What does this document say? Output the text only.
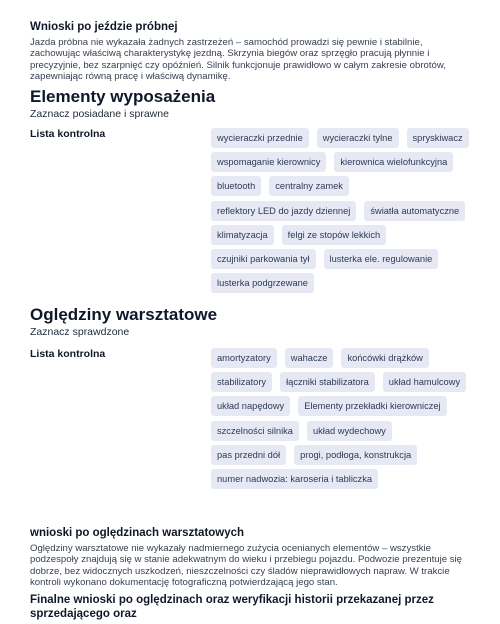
Wnioski po jeździe próbnej

Jazda próbna nie wykazała żadnych zastrzeżeń – samochód prowadzi się pewnie i stabilnie, zachowując właściwą charakterystykę jezdną. Skrzynia biegów oraz sprzęgło pracują płynnie i precyzyjnie, bez szarpnięć czy opóźnień. Silnik funkcjonuje prawidłowo w całym zakresie obrotów, zapewniając równą pracę i właściwą dynamikę.

Elementy wyposażenia
Zaznacz posiadane i sprawne
Lista kontrolna	wycieraczki przednie	wycieraczki tylne	spryskiwacz
wspomaganie kierownicy	kierownica wielofunkcyjna
bluetooth	centralny zamek
reflektory LED do jazdy dziennej	światła automatyczne
klimatyzacja	felgi ze stopów lekkich
czujniki parkowania tył	lusterka ele. regulowanie
lusterka podgrzewane
Oględziny warsztatowe
Zaznacz sprawdzone
Lista kontrolna	amortyzatory	wahacze	końcówki drążków
stabilizatory	łączniki stabilizatora	układ hamulcowy
układ napędowy	Elementy przekładki kierowniczej
szczelności silnika	układ wydechowy
pas przedni dół	progi, podłoga, konstrukcja
numer nadwozia: karoseria i tabliczka
wnioski po oględzinach warsztatowych

Oględziny warsztatowe nie wykazały nadmiernego zużycia ocenianych elementów – wszystkie podzespoły znajdują się w stanie adekwatnym do wieku i przebiegu pojazdu. Podwozie prezentuje się dobrze, bez widocznych uszkodzeń, nieszczelności czy śladów nieprawidłowych napraw. W trakcie kontroli wykonano dokumentację fotograficzną potwierdzającą jego stan.

Finalne wnioski po oględzinach oraz weryfikacji historii przekazanej przez sprzedającego oraz
